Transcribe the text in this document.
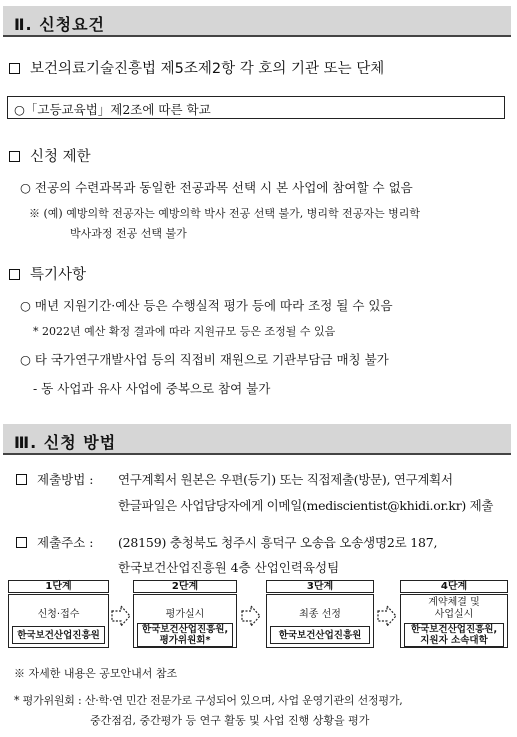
Ⅱ. 신청요건
보건의료기술진흥법 제5조제2항 각 호의 기관 또는 단체
○「고등교육법」제2조에 따른 학교
신청 제한
○ 전공의 수련과목과 동일한 전공과목 선택 시 본 사업에 참여할 수 없음
※ (예) 예방의학 전공자는 예방의학 박사 전공 선택 불가, 병리학 전공자는 병리학
박사과정 전공 선택 불가
특기사항
○ 매년 지원기간·예산 등은 수행실적 평가 등에 따라 조정 될 수 있음
* 2022년 예산 확정 결과에 따라 지원규모 등은 조정될 수 있음
○ 타 국가연구개발사업 등의 직접비 재원으로 기관부담금 매칭 불가
- 동 사업과 유사 사업에 중복으로 참여 불가
Ⅲ. 신청 방법
제출방법 : 연구계획서 원본은 우편(등기) 또는 직접제출(방문), 연구계획서
한글파일은 사업담당자에게 이메일(mediscientist@khidi.or.kr) 제출
제출주소 : (28159) 충청북도 청주시 흥덕구 오송읍 오송생명2로 187,
한국보건산업진흥원 4층 산업인력육성팀
1단계
신청·접수
한국보건산업진흥원
2단계
평가실시
한국보건산업진흥원,
평가위원회*
3단계
최종 선정
한국보건산업진흥원
4단계
계약체결 및
사업실시
한국보건산업진흥원,
지원자 소속대학
※ 자세한 내용은 공모안내서 참조
* 평가위원회 : 산·학·연 민간 전문가로 구성되어 있으며, 사업 운영기관의 선정평가,
중간점검, 중간평가 등 연구 활동 및 사업 진행 상황을 평가
